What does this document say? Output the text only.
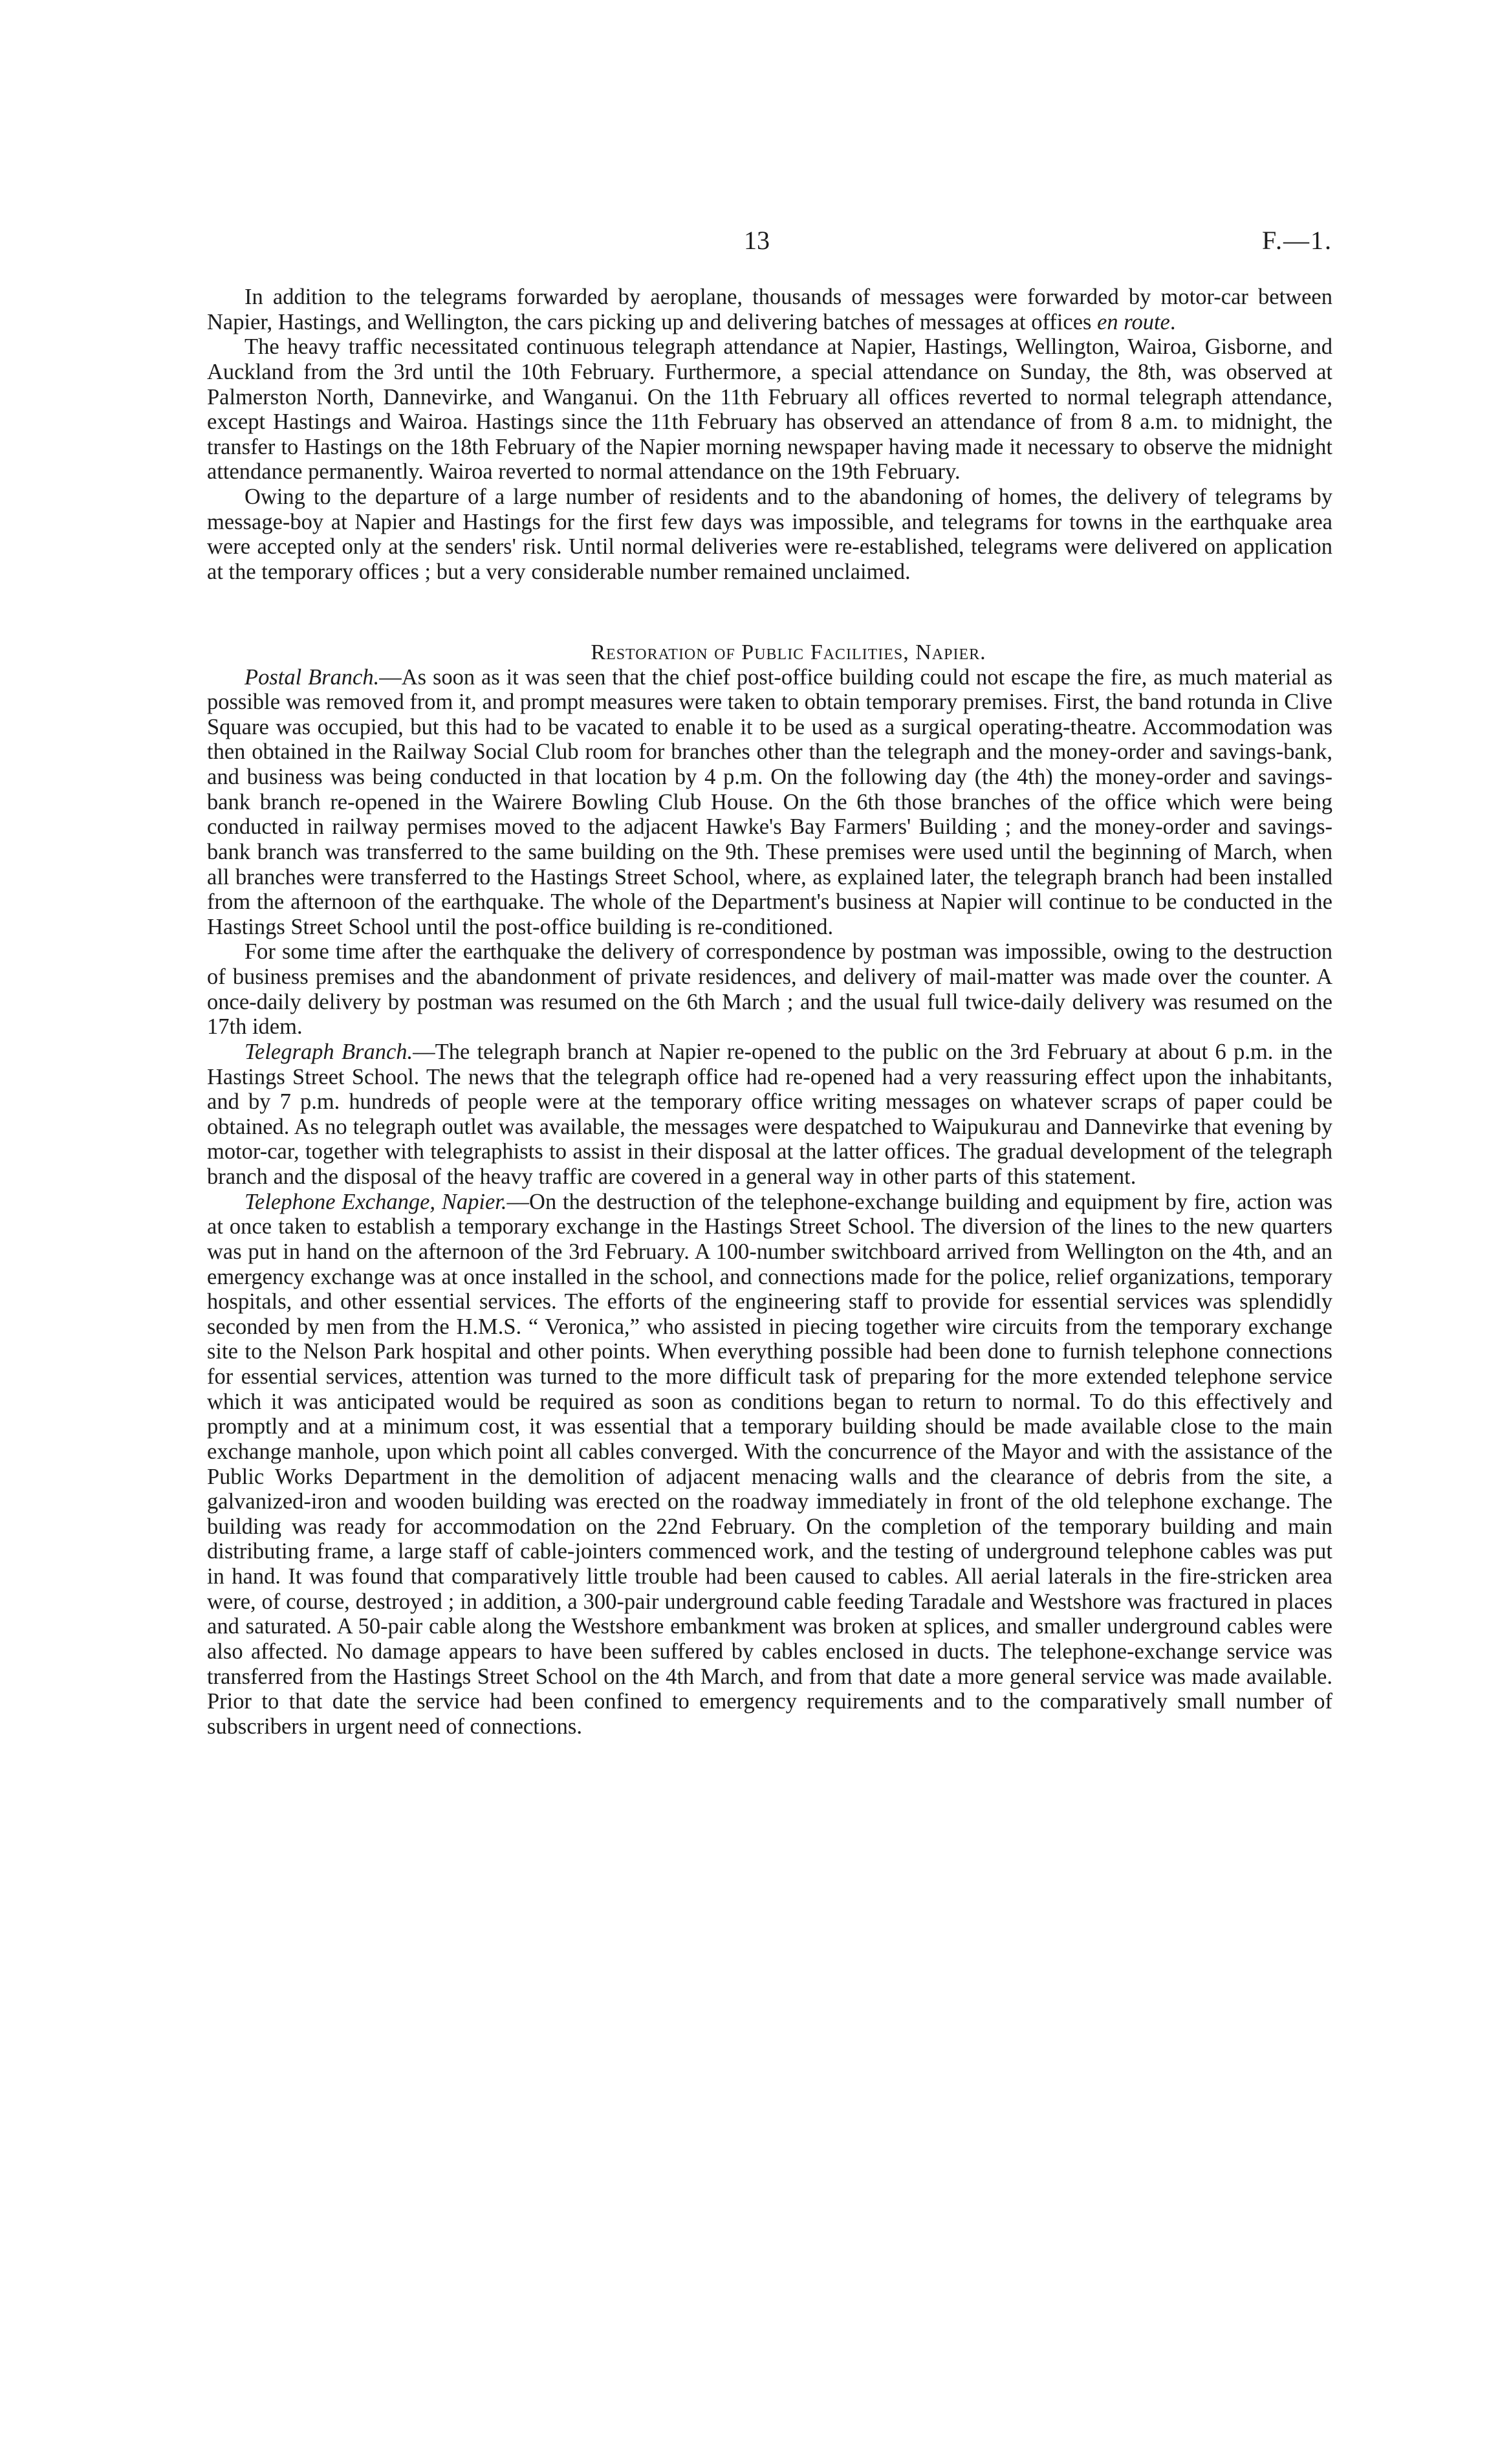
13	F.—1.

In addition to the telegrams forwarded by aeroplane, thousands of messages were forwarded by motor-car between Napier, Hastings, and Wellington, the cars picking up and delivering batches of messages at offices en route.

The heavy traffic necessitated continuous telegraph attendance at Napier, Hastings, Wellington, Wairoa, Gisborne, and Auckland from the 3rd until the 10th February. Furthermore, a special attendance on Sunday, the 8th, was observed at Palmerston North, Dannevirke, and Wanganui. On the 11th February all offices reverted to normal telegraph attendance, except Hastings and Wairoa. Hastings since the 11th February has observed an attendance of from 8 a.m. to midnight, the transfer to Hastings on the 18th February of the Napier morning newspaper having made it necessary to observe the midnight attendance permanently. Wairoa reverted to normal attendance on the 19th February.

Owing to the departure of a large number of residents and to the abandoning of homes, the delivery of telegrams by message-boy at Napier and Hastings for the first few days was impossible, and telegrams for towns in the earthquake area were accepted only at the senders' risk. Until normal deliveries were re-established, telegrams were delivered on application at the temporary offices ; but a very considerable number remained unclaimed.

Restoration of Public Facilities, Napier.

Postal Branch.—As soon as it was seen that the chief post-office building could not escape the fire, as much material as possible was removed from it, and prompt measures were taken to obtain temporary premises. First, the band rotunda in Clive Square was occupied, but this had to be vacated to enable it to be used as a surgical operating-theatre. Accommodation was then obtained in the Railway Social Club room for branches other than the telegraph and the money-order and savings-bank, and business was being conducted in that location by 4 p.m. On the following day (the 4th) the money-order and savings-bank branch re-opened in the Wairere Bowling Club House. On the 6th those branches of the office which were being conducted in railway permises moved to the adjacent Hawke's Bay Farmers' Building ; and the money-order and savings-bank branch was transferred to the same building on the 9th. These premises were used until the beginning of March, when all branches were transferred to the Hastings Street School, where, as explained later, the telegraph branch had been installed from the afternoon of the earthquake. The whole of the Department's business at Napier will continue to be conducted in the Hastings Street School until the post-office building is re-conditioned.

For some time after the earthquake the delivery of correspondence by postman was impossible, owing to the destruction of business premises and the abandonment of private residences, and delivery of mail-matter was made over the counter. A once-daily delivery by postman was resumed on the 6th March ; and the usual full twice-daily delivery was resumed on the 17th idem.

Telegraph Branch.—The telegraph branch at Napier re-opened to the public on the 3rd February at about 6 p.m. in the Hastings Street School. The news that the telegraph office had re-opened had a very reassuring effect upon the inhabitants, and by 7 p.m. hundreds of people were at the temporary office writing messages on whatever scraps of paper could be obtained. As no telegraph outlet was available, the messages were despatched to Waipukurau and Dannevirke that evening by motor-car, together with telegraphists to assist in their disposal at the latter offices. The gradual development of the telegraph branch and the disposal of the heavy traffic are covered in a general way in other parts of this statement.

Telephone Exchange, Napier.—On the destruction of the telephone-exchange building and equipment by fire, action was at once taken to establish a temporary exchange in the Hastings Street School. The diversion of the lines to the new quarters was put in hand on the afternoon of the 3rd February. A 100-number switchboard arrived from Wellington on the 4th, and an emergency exchange was at once installed in the school, and connections made for the police, relief organizations, temporary hospitals, and other essential services. The efforts of the engineering staff to provide for essential services was splendidly seconded by men from the H.M.S. “ Veronica,” who assisted in piecing together wire circuits from the temporary exchange site to the Nelson Park hospital and other points. When everything possible had been done to furnish telephone connections for essential services, attention was turned to the more difficult task of preparing for the more extended telephone service which it was anticipated would be required as soon as conditions began to return to normal. To do this effectively and promptly and at a minimum cost, it was essential that a temporary building should be made available close to the main exchange manhole, upon which point all cables converged. With the concurrence of the Mayor and with the assistance of the Public Works Department in the demolition of adjacent menacing walls and the clearance of debris from the site, a galvanized-iron and wooden building was erected on the roadway immediately in front of the old telephone exchange. The building was ready for accommodation on the 22nd February. On the completion of the temporary building and main distributing frame, a large staff of cable-jointers commenced work, and the testing of underground telephone cables was put in hand. It was found that comparatively little trouble had been caused to cables. All aerial laterals in the fire-stricken area were, of course, destroyed ; in addition, a 300-pair underground cable feeding Taradale and Westshore was fractured in places and saturated. A 50-pair cable along the Westshore embankment was broken at splices, and smaller underground cables were also affected. No damage appears to have been suffered by cables enclosed in ducts. The telephone-exchange service was transferred from the Hastings Street School on the 4th March, and from that date a more general service was made available. Prior to that date the service had been confined to emergency requirements and to the comparatively small number of subscribers in urgent need of connections.
